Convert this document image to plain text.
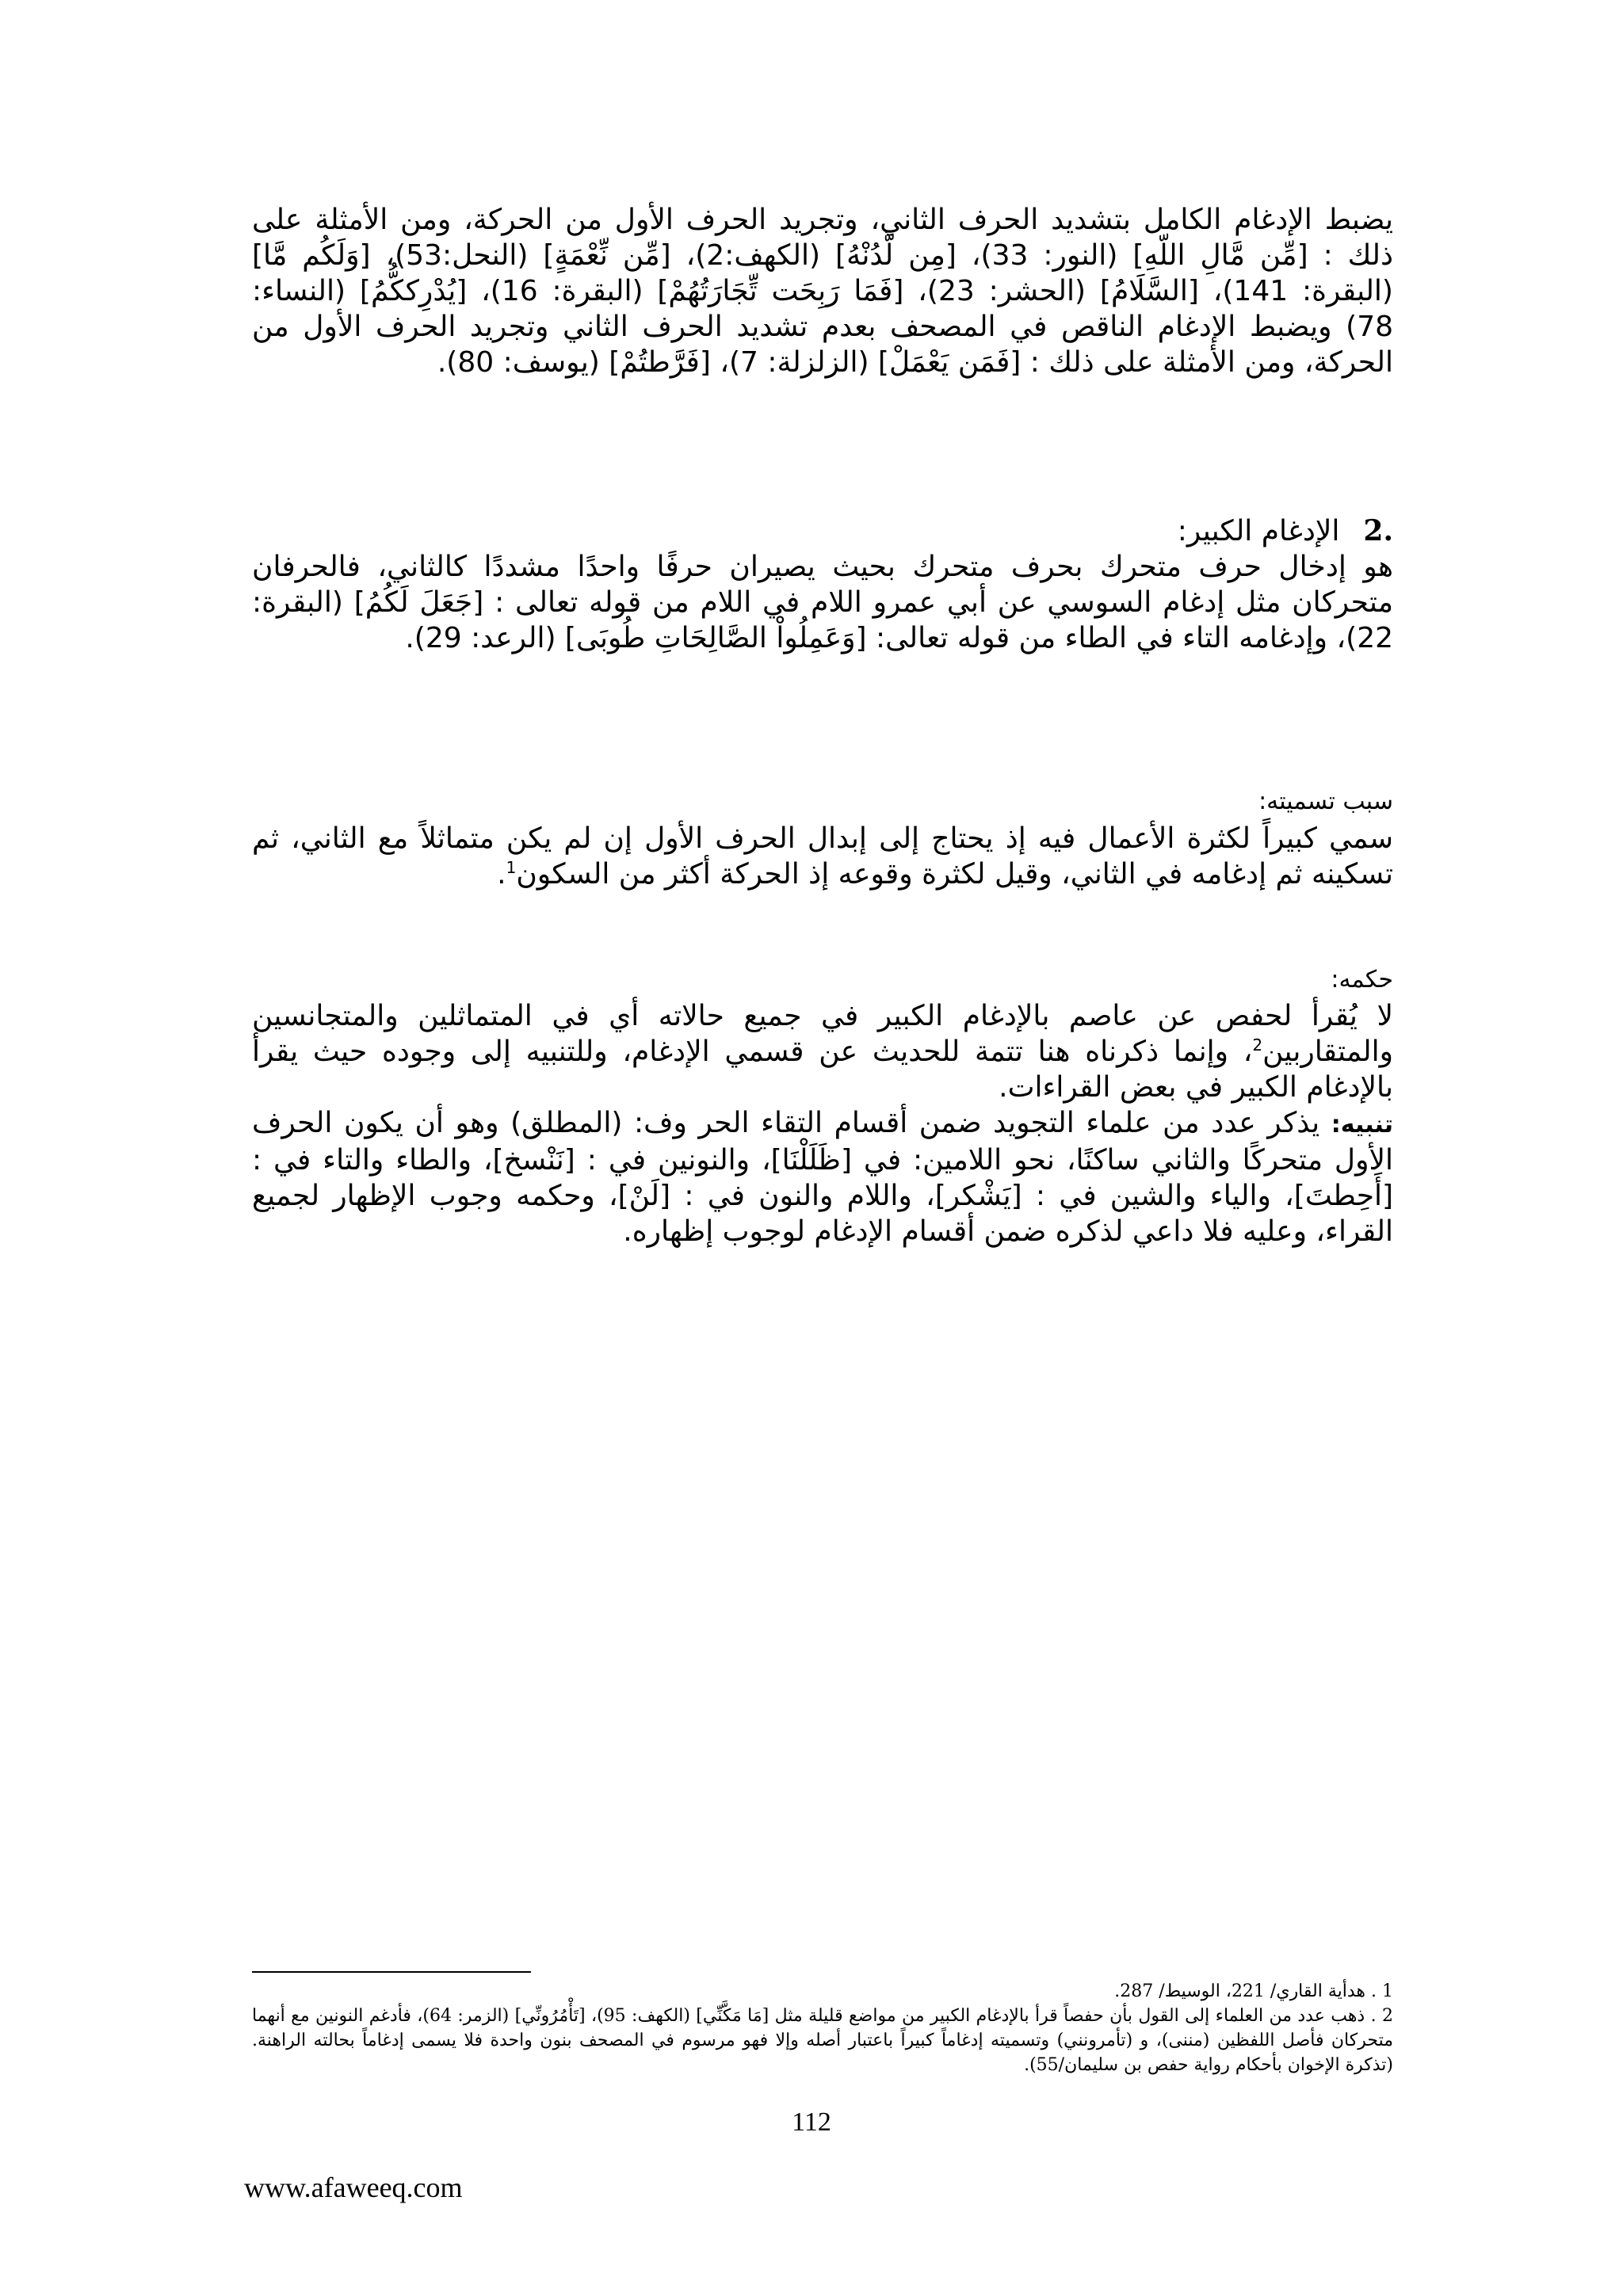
يضبط الإدغام الكامل بتشديد الحرف الثاني، وتجريد الحرف الأول من الحركة، ومن الأمثلة على ذلك : [مِّن مَّالِ اللّهِ] (النور: 33)، [مِن لَّدُنْهُ] (الكهف:2)، [مِّن نِّعْمَةٍ] (النحل:53)، [وَلَكُم مَّا] (البقرة: 141)، [السَّلَامُ] (الحشر: 23)، [فَمَا رَبِحَت تِّجَارَتُهُمْ] (البقرة: 16)، [يُدْرِككُّمُ] (النساء: 78) ويضبط الإدغام الناقص في المصحف بعدم تشديد الحرف الثاني وتجريد الحرف الأول من الحركة، ومن الأمثلة على ذلك : [فَمَن يَعْمَلْ] (الزلزلة: 7)، [فَرَّطتُمْ] (يوسف: 80).

.2الإدغام الكبير:

هو إدخال حرف متحرك بحرف متحرك بحيث يصيران حرفًا واحدًا مشددًا كالثاني، فالحرفان متحركان مثل إدغام السوسي عن أبي عمرو اللام في اللام من قوله تعالى : [جَعَلَ لَكُمُ] (البقرة: 22)، وإدغامه التاء في الطاء من قوله تعالى: [وَعَمِلُواْ الصَّالِحَاتِ طُوبَى] (الرعد: 29).

سبب تسميته:

سمي كبيراً لكثرة الأعمال فيه إذ يحتاج إلى إبدال الحرف الأول إن لم يكن متماثلاً مع الثاني، ثم تسكينه ثم إدغامه في الثاني، وقيل لكثرة وقوعه إذ الحركة أكثر من السكون$^1$.

حكمه:

لا يُقرأ لحفص عن عاصم بالإدغام الكبير في جميع حالاته أي في المتماثلين والمتجانسين والمتقاربين$^2$، وإنما ذكرناه هنا تتمة للحديث عن قسمي الإدغام، وللتنبيه إلى وجوده حيث يقرأ بالإدغام الكبير في بعض القراءات.

تنبيه: يذكر عدد من علماء التجويد ضمن أقسام التقاء الحر وف: (المطلق) وهو أن يكون الحرف الأول متحركًا والثاني ساكنًا، نحو اللامين: في [ظَلَلْنَا]، والنونين في : [نَنْسخ]، والطاء والتاء في : [أَحِطتَ]، والياء والشين في : [يَشْكر]، واللام والنون في : [لَنْ]، وحكمه وجوب الإظهار لجميع القراء، وعليه فلا داعي لذكره ضمن أقسام الإدغام لوجوب إظهاره.

1 . هدأية القاري/ 221، الوسيط/ 287.

2 . ذهب عدد من العلماء إلى القول بأن حفصاً قرأ بالإدغام الكبير من مواضع قليلة مثل [مَا مَكَّنِّي] (الكهف: 95)، [تَأْمُرُونِّي] (الزمر: 64)، فأدغم النونين مع أنهما متحركان فأصل اللفظين (مننى)، و (تأمرونني) وتسميته إدغاماً كبيراً باعتبار أصله وإلا فهو مرسوم في المصحف بنون واحدة فلا يسمى إدغاماً بحالته الراهنة. (تذكرة الإخوان بأحكام رواية حفص بن سليمان/55).

112
www.afaweeq.com
